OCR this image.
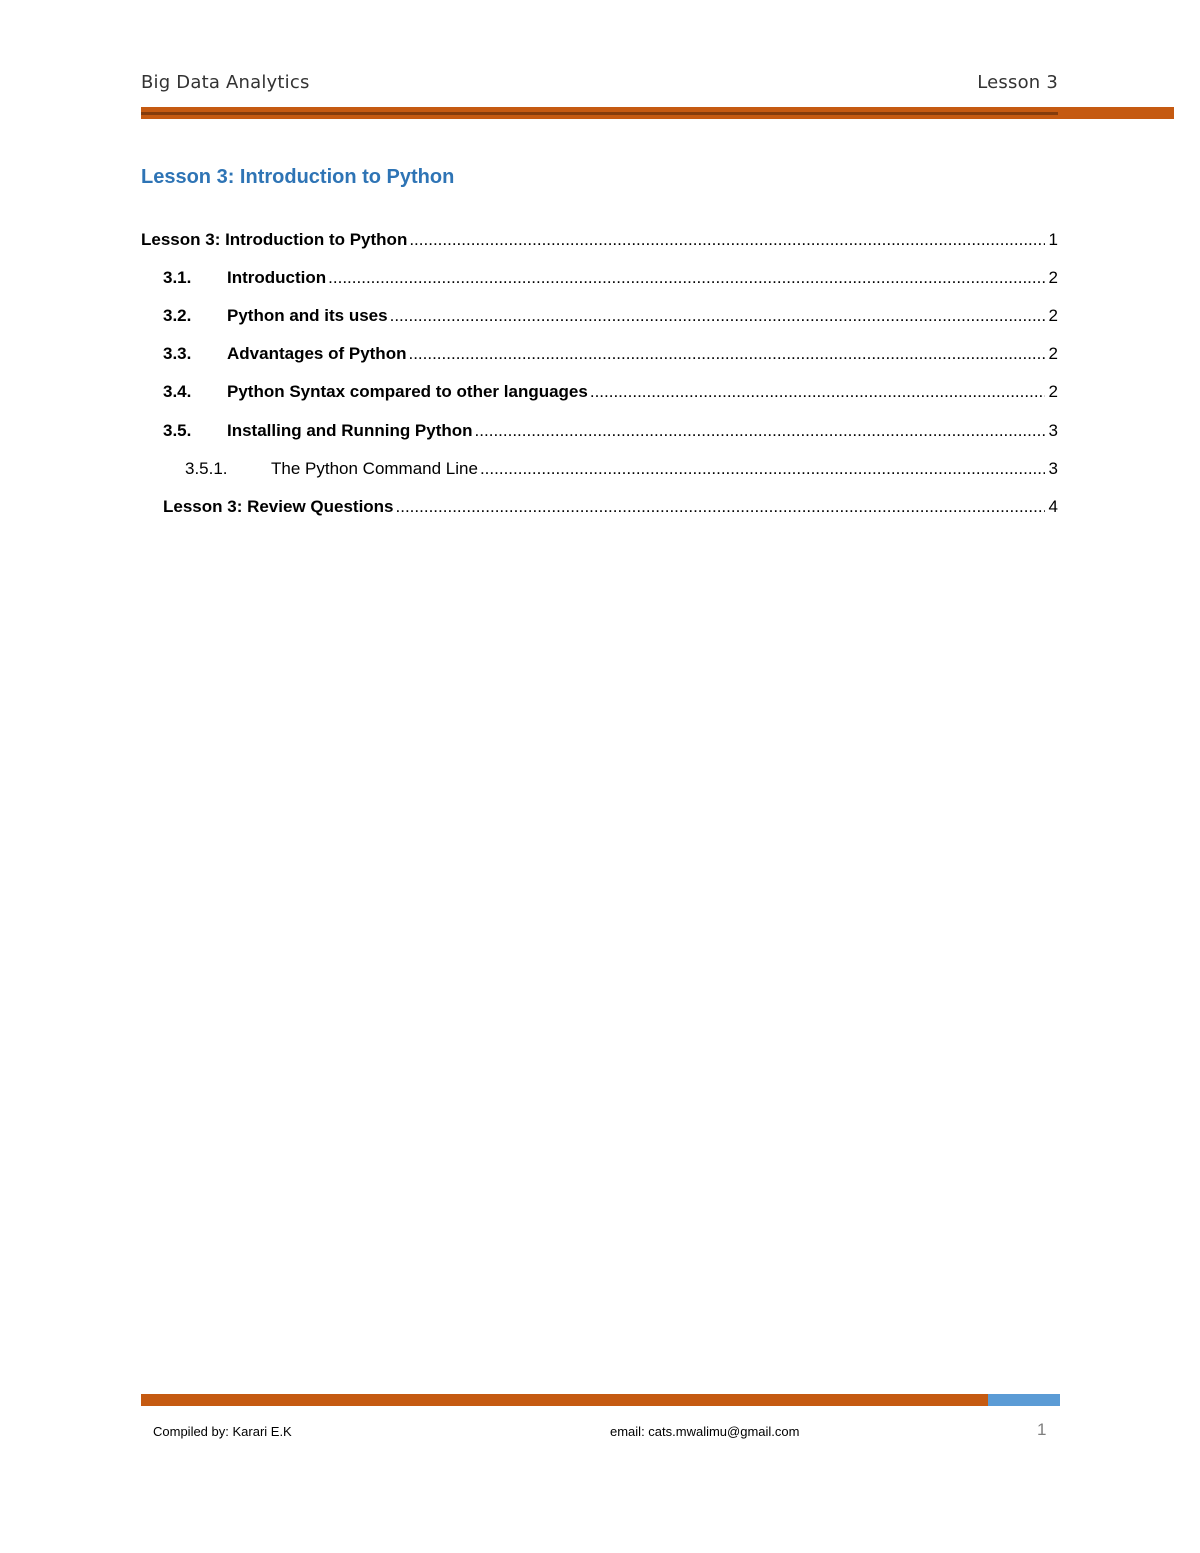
Big Data Analytics	Lesson 3
Lesson 3: Introduction to Python
Lesson 3: Introduction to Python .....	1
3.1.	Introduction .....	2
3.2.	Python and its uses .....	2
3.3.	Advantages of Python .....	2
3.4.	Python Syntax compared to other languages .....	2
3.5.	Installing and Running Python .....	3
3.5.1.	The Python Command Line .....	3
Lesson 3: Review Questions .....	4
Compiled by: Karari E.K	email: cats.mwalimu@gmail.com	1
